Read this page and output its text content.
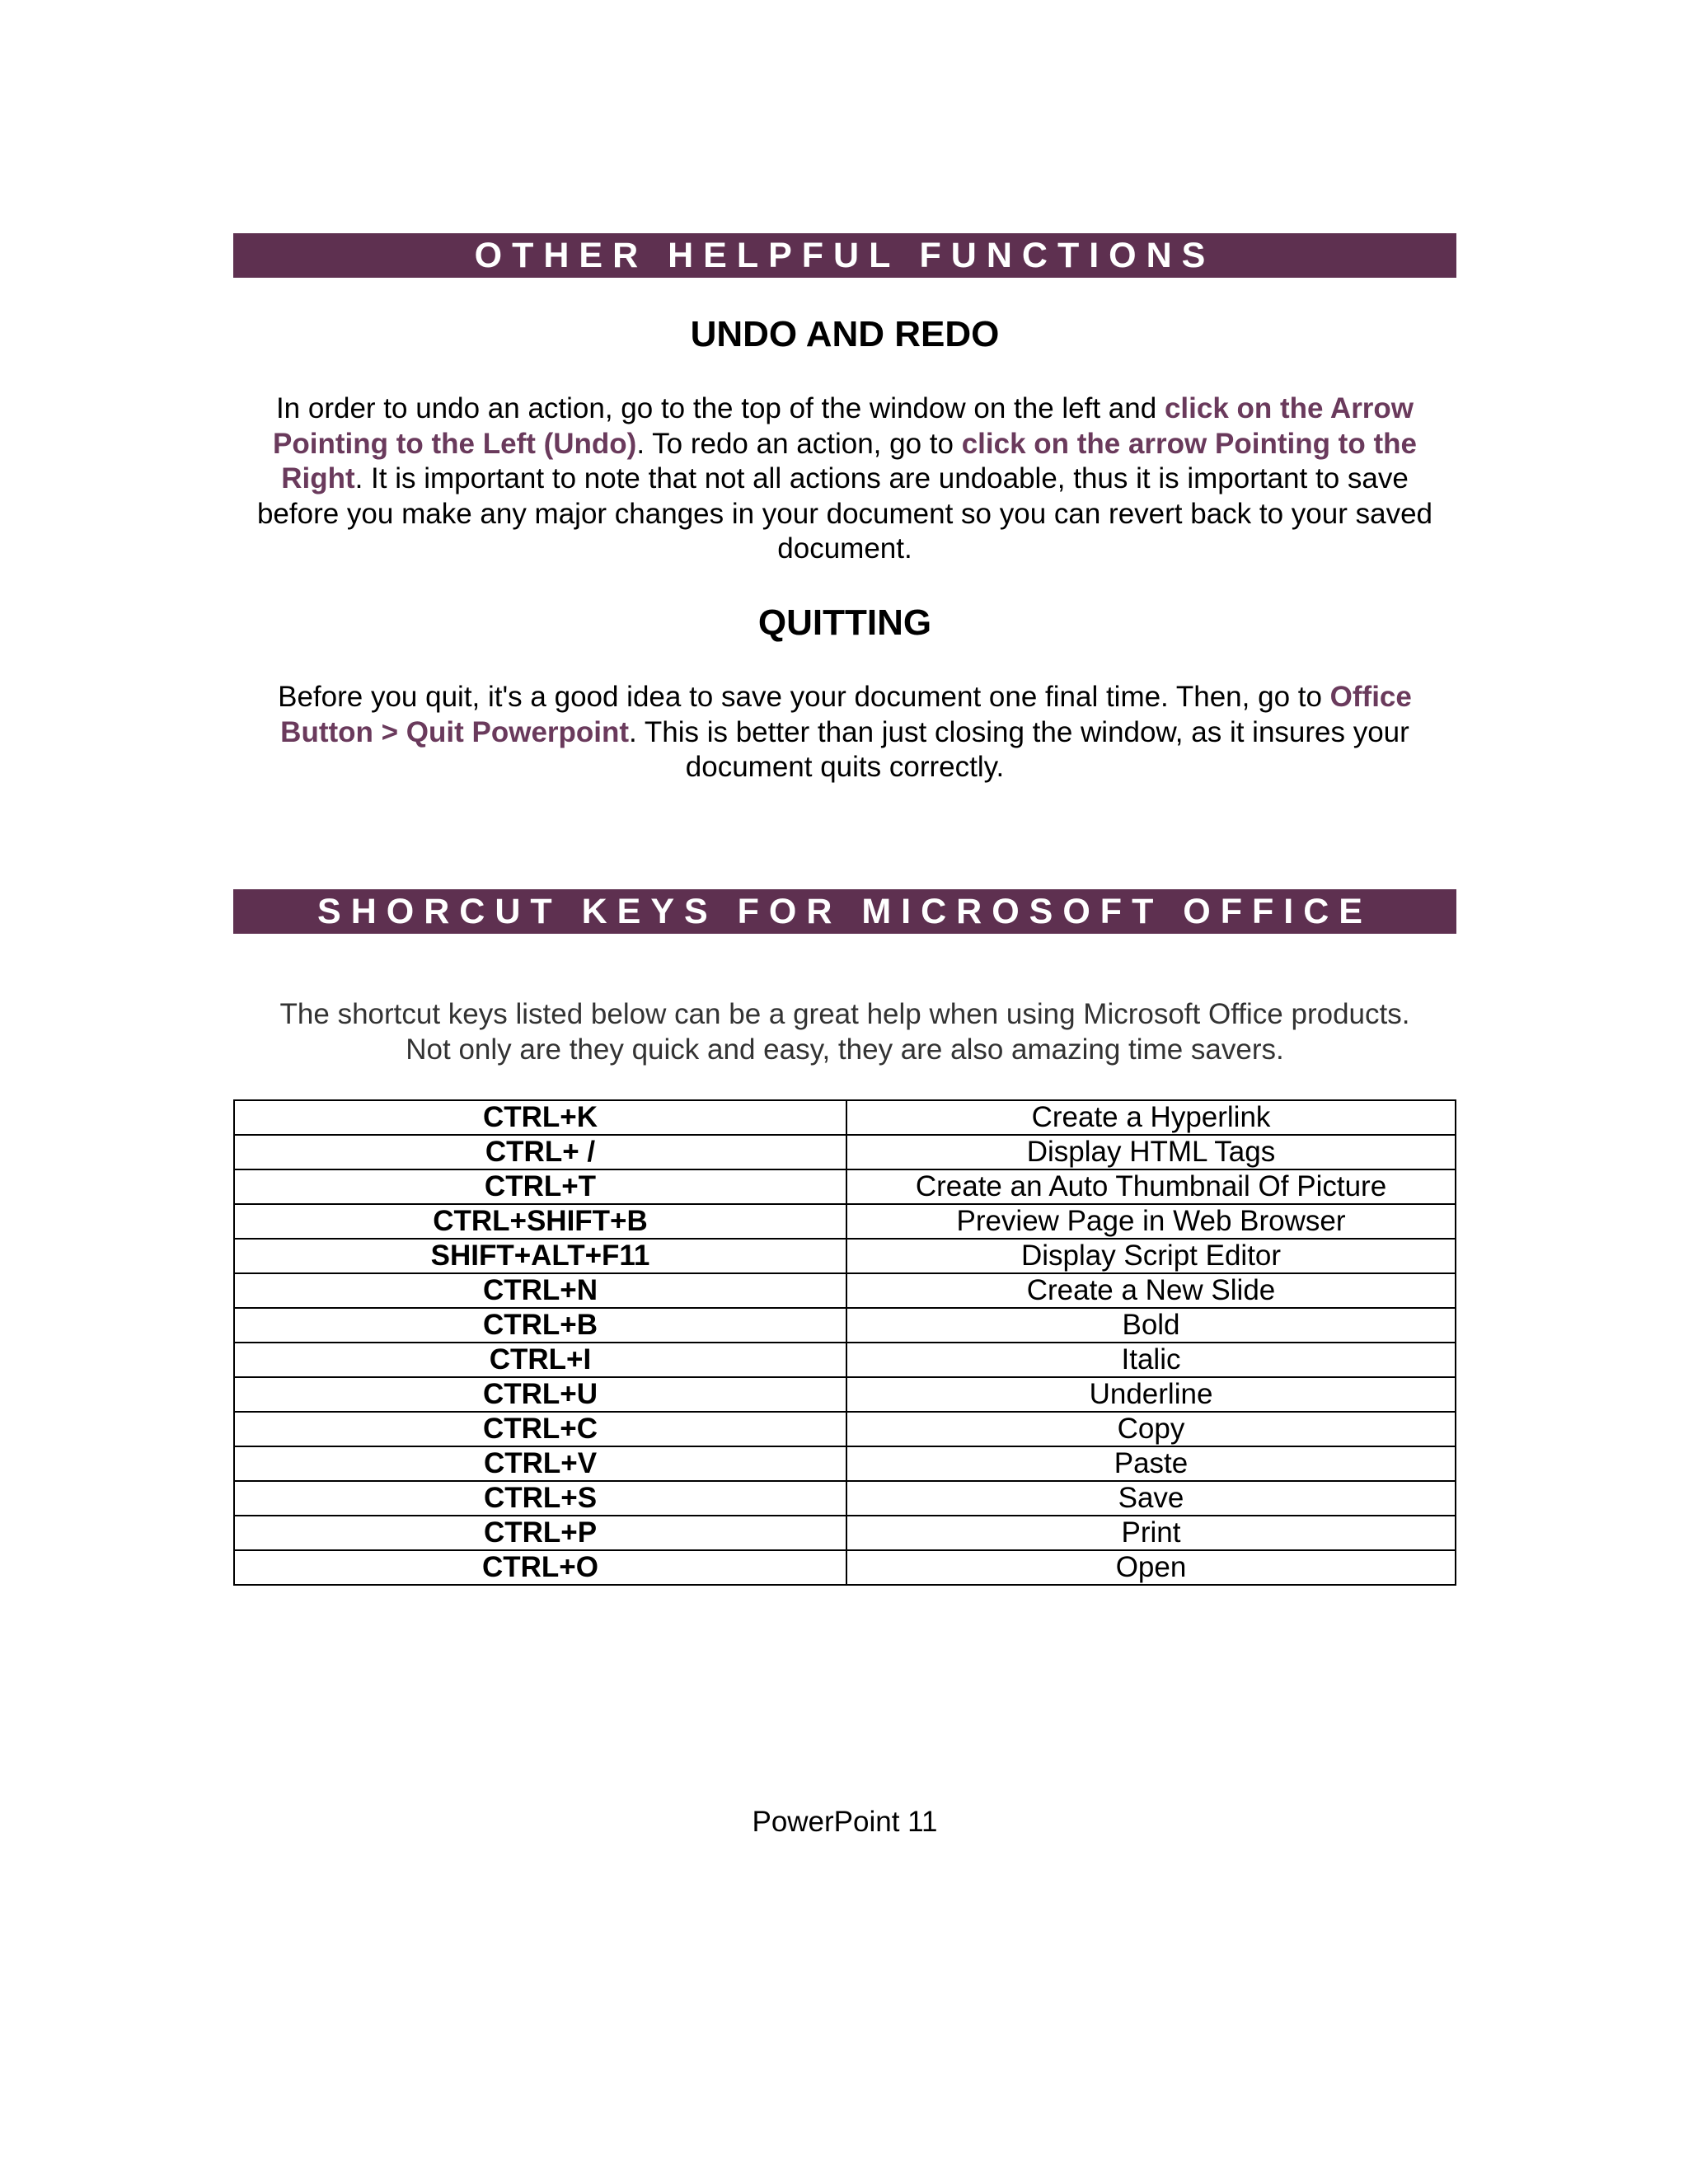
OTHER HELPFUL FUNCTIONS
UNDO AND REDO
In order to undo an action, go to the top of the window on the left and click on the Arrow Pointing to the Left (Undo). To redo an action, go to click on the arrow Pointing to the Right. It is important to note that not all actions are undoable, thus it is important to save before you make any major changes in your document so you can revert back to your saved document.
QUITTING
Before you quit, it's a good idea to save your document one final time. Then, go to Office Button > Quit Powerpoint. This is better than just closing the window, as it insures your document quits correctly.
SHORCUT KEYS FOR MICROSOFT OFFICE
The shortcut keys listed below can be a great help when using Microsoft Office products.
Not only are they quick and easy, they are also amazing time savers.
CTRL+K	Create a Hyperlink
CTRL+ /	Display HTML Tags
CTRL+T	Create an Auto Thumbnail Of Picture
CTRL+SHIFT+B	Preview Page in Web Browser
SHIFT+ALT+F11	Display Script Editor
CTRL+N	Create a New Slide
CTRL+B	Bold
CTRL+I	Italic
CTRL+U	Underline
CTRL+C	Copy
CTRL+V	Paste
CTRL+S	Save
CTRL+P	Print
CTRL+O	Open
PowerPoint 11
